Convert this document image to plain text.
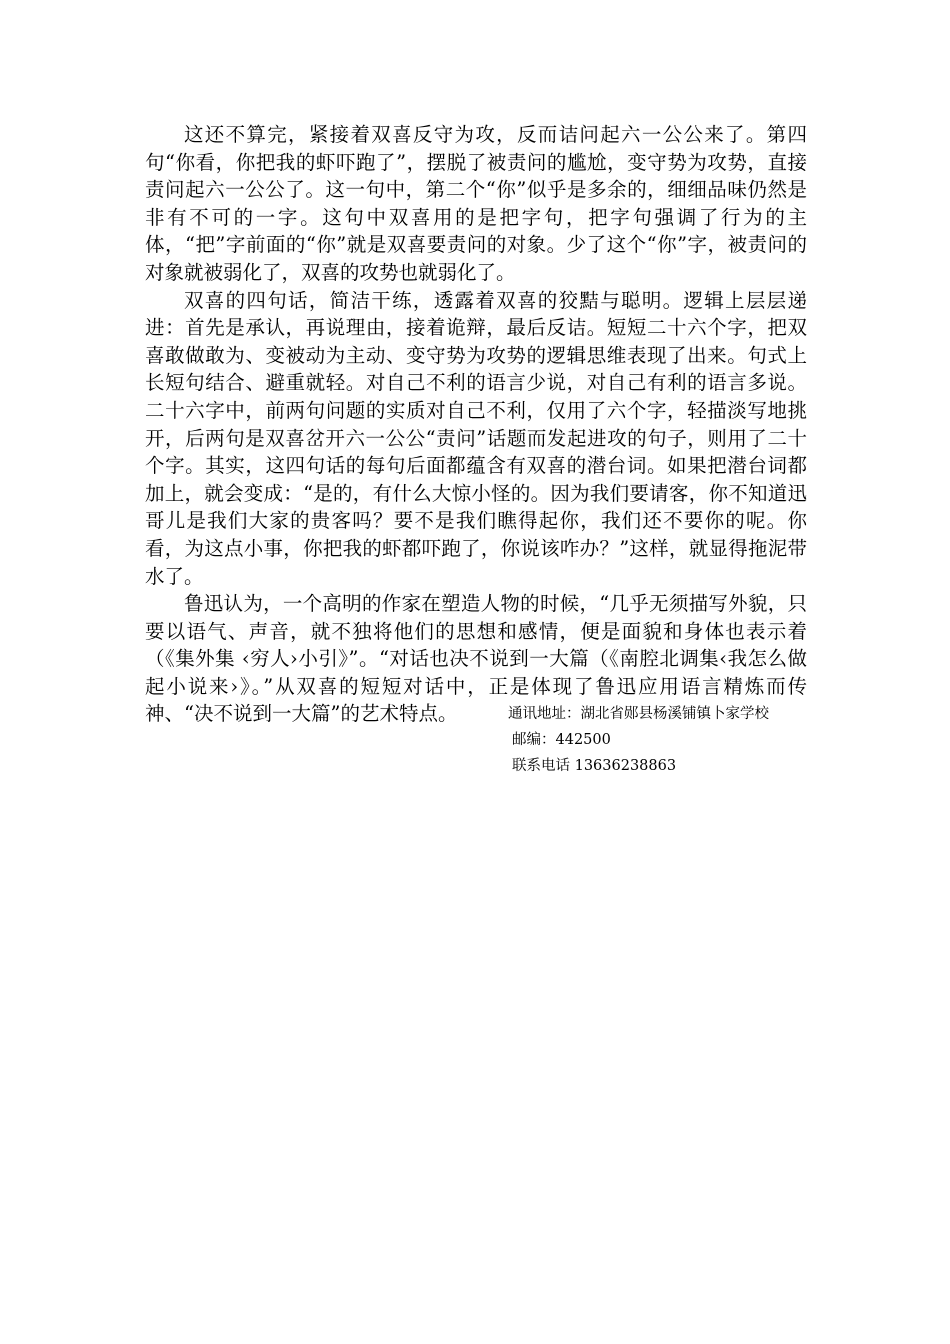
这还不算完，紧接着双喜反守为攻，反而诘问起六一公公来了。第四句“你看，你把我的虾吓跑了”，摆脱了被责问的尴尬，变守势为攻势，直接责问起六一公公了。这一句中，第二个“你”似乎是多余的，细细品味仍然是非有不可的一字。这句中双喜用的是把字句，把字句强调了行为的主体，“把”字前面的“你”就是双喜要责问的对象。少了这个“你”字，被责问的对象就被弱化了，双喜的攻势也就弱化了。

双喜的四句话，简洁干练，透露着双喜的狡黠与聪明。逻辑上层层递进：首先是承认，再说理由，接着诡辩，最后反诘。短短二十六个字，把双喜敢做敢为、变被动为主动、变守势为攻势的逻辑思维表现了出来。句式上长短句结合、避重就轻。对自己不利的语言少说，对自己有利的语言多说。二十六字中，前两句问题的实质对自己不利，仅用了六个字，轻描淡写地挑开，后两句是双喜岔开六一公公“责问”话题而发起进攻的句子，则用了二十个字。其实，这四句话的每句后面都蕴含有双喜的潜台词。如果把潜台词都加上，就会变成：“是的，有什么大惊小怪的。因为我们要请客，你不知道迅哥儿是我们大家的贵客吗？要不是我们瞧得起你，我们还不要你的呢。你看，为这点小事，你把我的虾都吓跑了，你说该咋办？”这样，就显得拖泥带水了。

鲁迅认为，一个高明的作家在塑造人物的时候，“几乎无须描写外貌，只要以语气、声音，就不独将他们的思想和感情，便是面貌和身体也表示着（《集外集 ‹穷人›小引》”。“对话也决不说到一大篇（《南腔北调集‹我怎么做起小说来›》。”从双喜的短短对话中，正是体现了鲁迅应用语言精炼而传神、“决不说到一大篇”的艺术特点。	通讯地址：湖北省郧县杨溪铺镇卜家学校
邮编：442500
联系电话 13636238863
